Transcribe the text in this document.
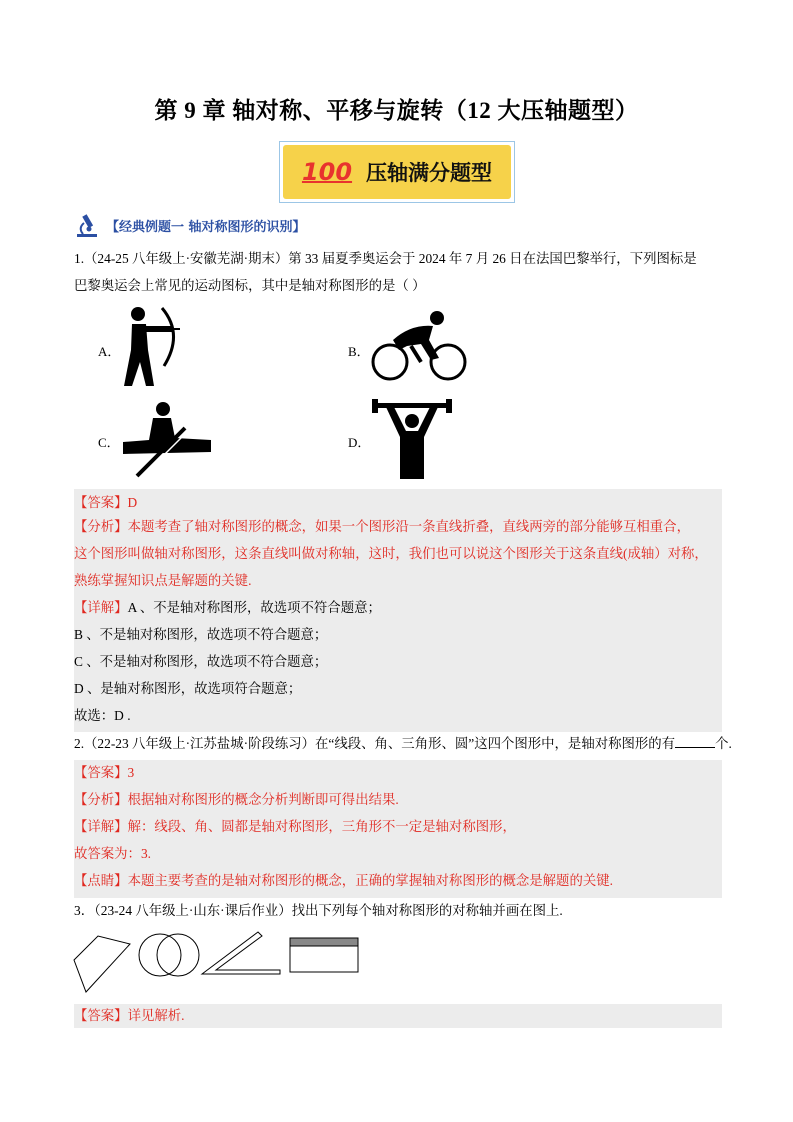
第 9 章 轴对称、平移与旋转（12 大压轴题型）
100 压轴满分题型
【经典例题一 轴对称图形的识别】
1.（24-25 八年级上·安徽芜湖·期末）第 33 届夏季奥运会于 2024 年 7 月 26 日在法国巴黎举行，下列图标是
巴黎奥运会上常见的运动图标，其中是轴对称图形的是（ ）
A．	B．
C．	D．
【答案】D
【分析】本题考查了轴对称图形的概念，如果一个图形沿一条直线折叠，直线两旁的部分能够互相重合，
这个图形叫做轴对称图形，这条直线叫做对称轴，这时，我们也可以说这个图形关于这条直线(成轴）对称，
熟练掌握知识点是解题的关键.
【详解】A 、不是轴对称图形，故选项不符合题意；
B 、不是轴对称图形，故选项不符合题意；
C 、不是轴对称图形，故选项不符合题意；
D 、是轴对称图形，故选项符合题意；
故选：D .
2.（22-23 八年级上·江苏盐城·阶段练习）在“线段、角、三角形、圆”这四个图形中，是轴对称图形的有	个.
【答案】3
【分析】根据轴对称图形的概念分析判断即可得出结果.
【详解】解：线段、角、圆都是轴对称图形，三角形不一定是轴对称图形，
故答案为：3.
【点睛】本题主要考查的是轴对称图形的概念，正确的掌握轴对称图形的概念是解题的关键.
3．（23-24 八年级上·山东·课后作业）找出下列每个轴对称图形的对称轴并画在图上.
【答案】详见解析.
